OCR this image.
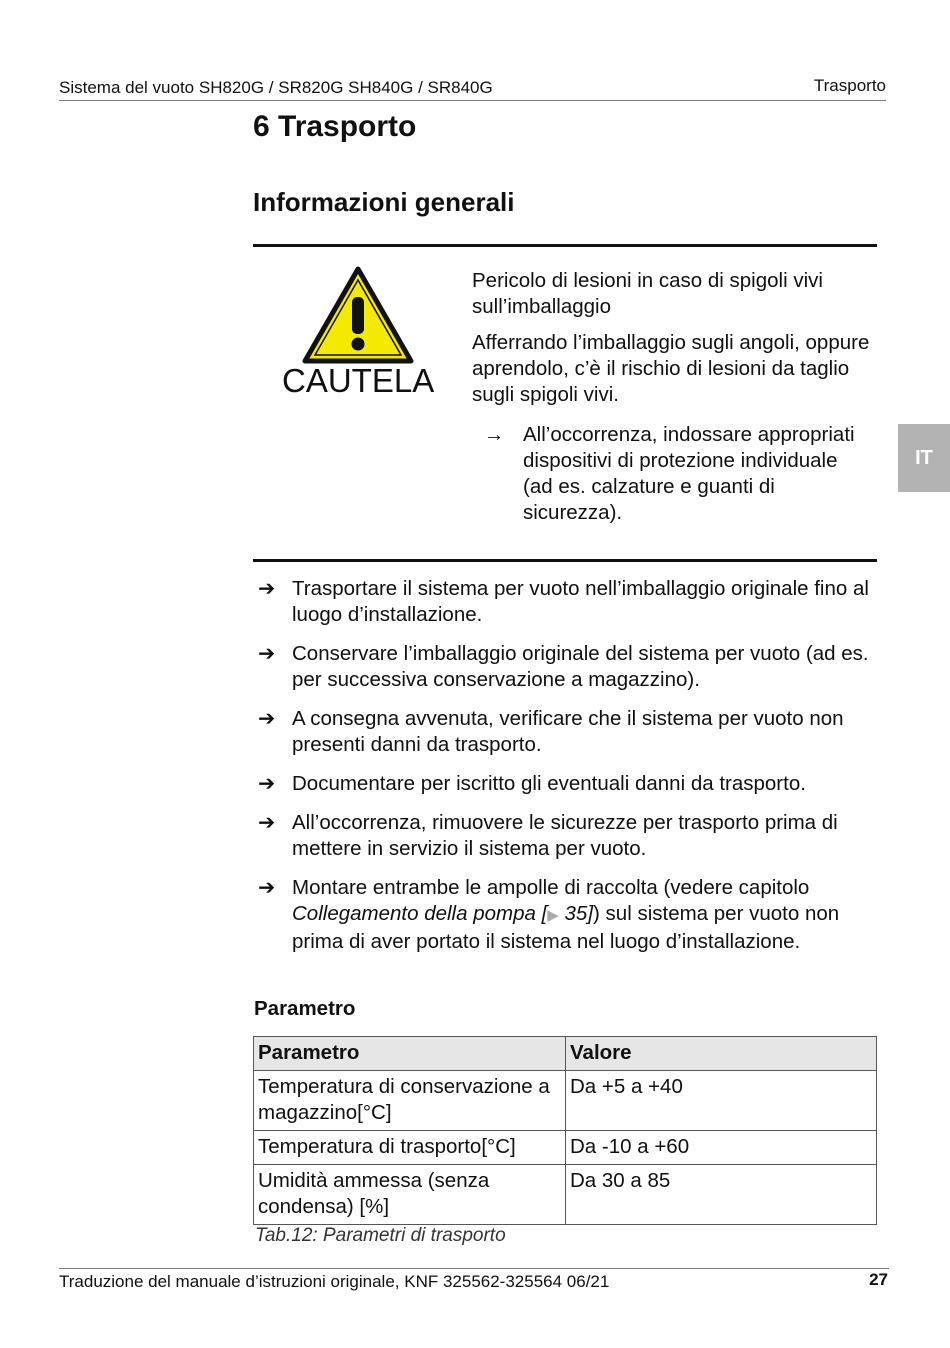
Sistema del vuoto SH820G / SR820G SH840G / SR840G	Trasporto
IT
6 Trasporto
Informazioni generali
CAUTELA

Pericolo di lesioni in caso di spigoli vivi sull’imballaggio

Afferrando l’imballaggio sugli angoli, oppure aprendolo, c’è il rischio di lesioni da taglio sugli spigoli vivi.

→ All’occorrenza, indossare appropriati dispositivi di protezione individuale (ad es. calzature e guanti di sicurezza).
➔ Trasportare il sistema per vuoto nell’imballaggio originale fino al luogo d’installazione.
➔ Conservare l’imballaggio originale del sistema per vuoto (ad es. per successiva conservazione a magazzino).
➔ A consegna avvenuta, verificare che il sistema per vuoto non presenti danni da trasporto.
➔ Documentare per iscritto gli eventuali danni da trasporto.
➔ All’occorrenza, rimuovere le sicurezze per trasporto prima di mettere in servizio il sistema per vuoto.
➔ Montare entrambe le ampolle di raccolta (vedere capitolo Collegamento della pompa [▶ 35]) sul sistema per vuoto non prima di aver portato il sistema nel luogo d’installazione.
Parametro
Parametro	Valore
Temperatura di conservazione a magazzino[°C]	Da +5 a +40
Temperatura di trasporto[°C]	Da -10 a +60
Umidità ammessa (senza condensa) [%]	Da 30 a 85
Tab.12: Parametri di trasporto
Traduzione del manuale d’istruzioni originale, KNF 325562-325564 06/21	27
